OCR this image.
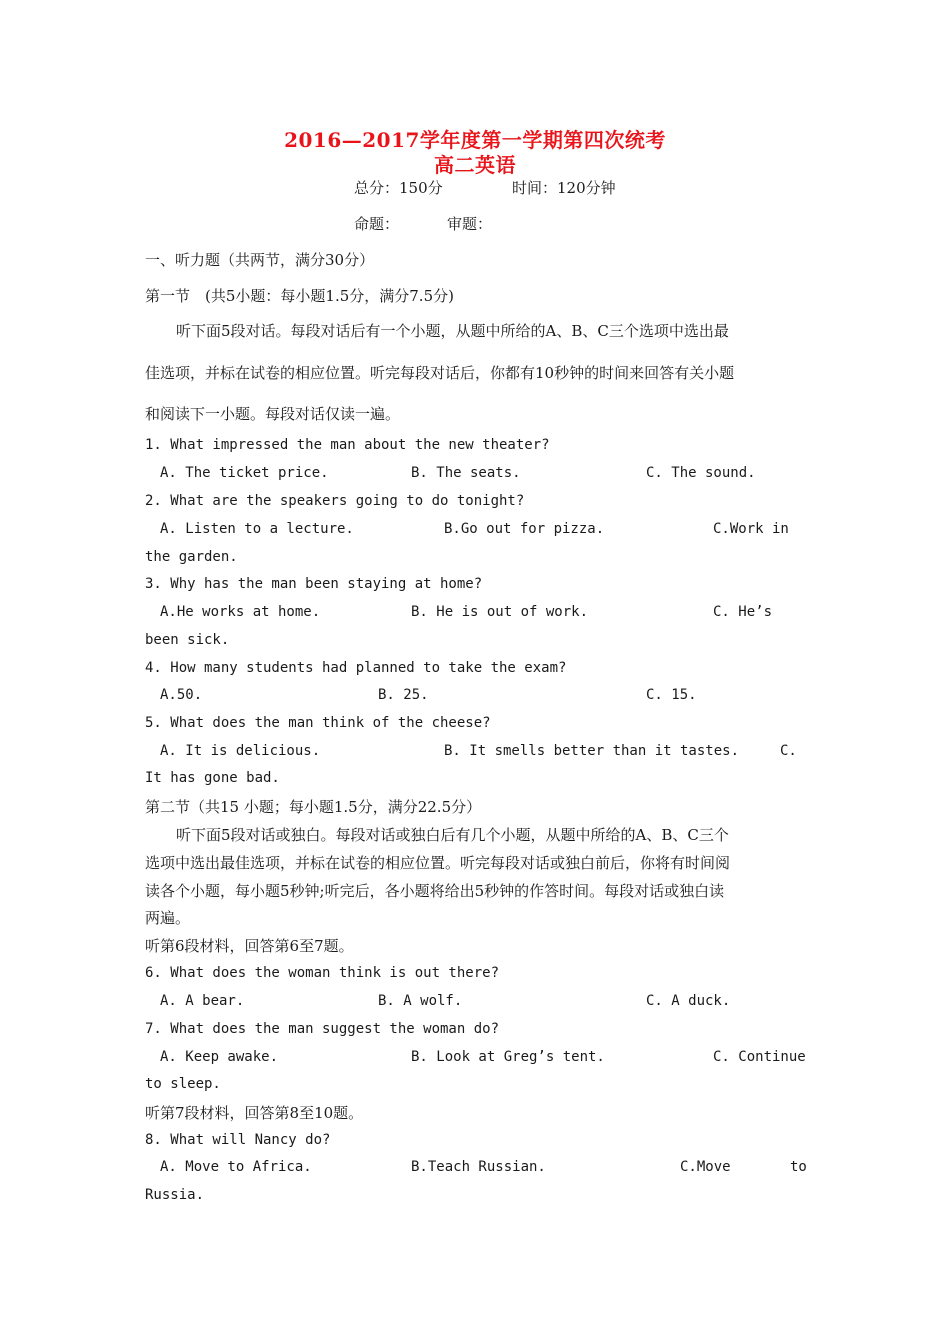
2016—2017学年度第一学期第四次统考
高二英语
总分：150分	时间：120分钟
命题：	审题：
一、听力题（共两节，满分30分）
第一节　(共5小题：每小题1.5分，满分7.5分)
听下面5段对话。每段对话后有一个小题，从题中所给的A、B、C三个选项中选出最
佳选项，并标在试卷的相应位置。听完每段对话后，你都有10秒钟的时间来回答有关小题
和阅读下一小题。每段对话仅读一遍。
1. What impressed the man about the new theater?
A. The ticket price.	B. The seats.	C. The sound.
2. What are the speakers going to do tonight?
A. Listen to a lecture.	B.Go out for pizza.	C.Work in
the garden.
3. Why has the man been staying at home?
A.He works at home.	B. He is out of work.	C. He’s
been sick.
4. How many students had planned to take the exam?
A.50.	B. 25.	C. 15.
5. What does the man think of the cheese?
A. It is delicious.	B. It smells better than it tastes.	C.
It has gone bad.
第二节（共15 小题；每小题1.5分，满分22.5分）
听下面5段对话或独白。每段对话或独白后有几个小题，从题中所给的A、B、C三个
选项中选出最佳选项，并标在试卷的相应位置。听完每段对话或独白前后，你将有时间阅
读各个小题，每小题5秒钟;听完后，各小题将给出5秒钟的作答时间。每段对话或独白读
两遍。
听第6段材料，回答第6至7题。
6. What does the woman think is out there?
A. A bear.	B. A wolf.	C. A duck.
7. What does the man suggest the woman do?
A. Keep awake.	B. Look at Greg’s tent.	C. Continue
to sleep.
听第7段材料，回答第8至10题。
8. What will Nancy do?
A. Move to Africa.	B.Teach Russian.	C.Move	to
Russia.
